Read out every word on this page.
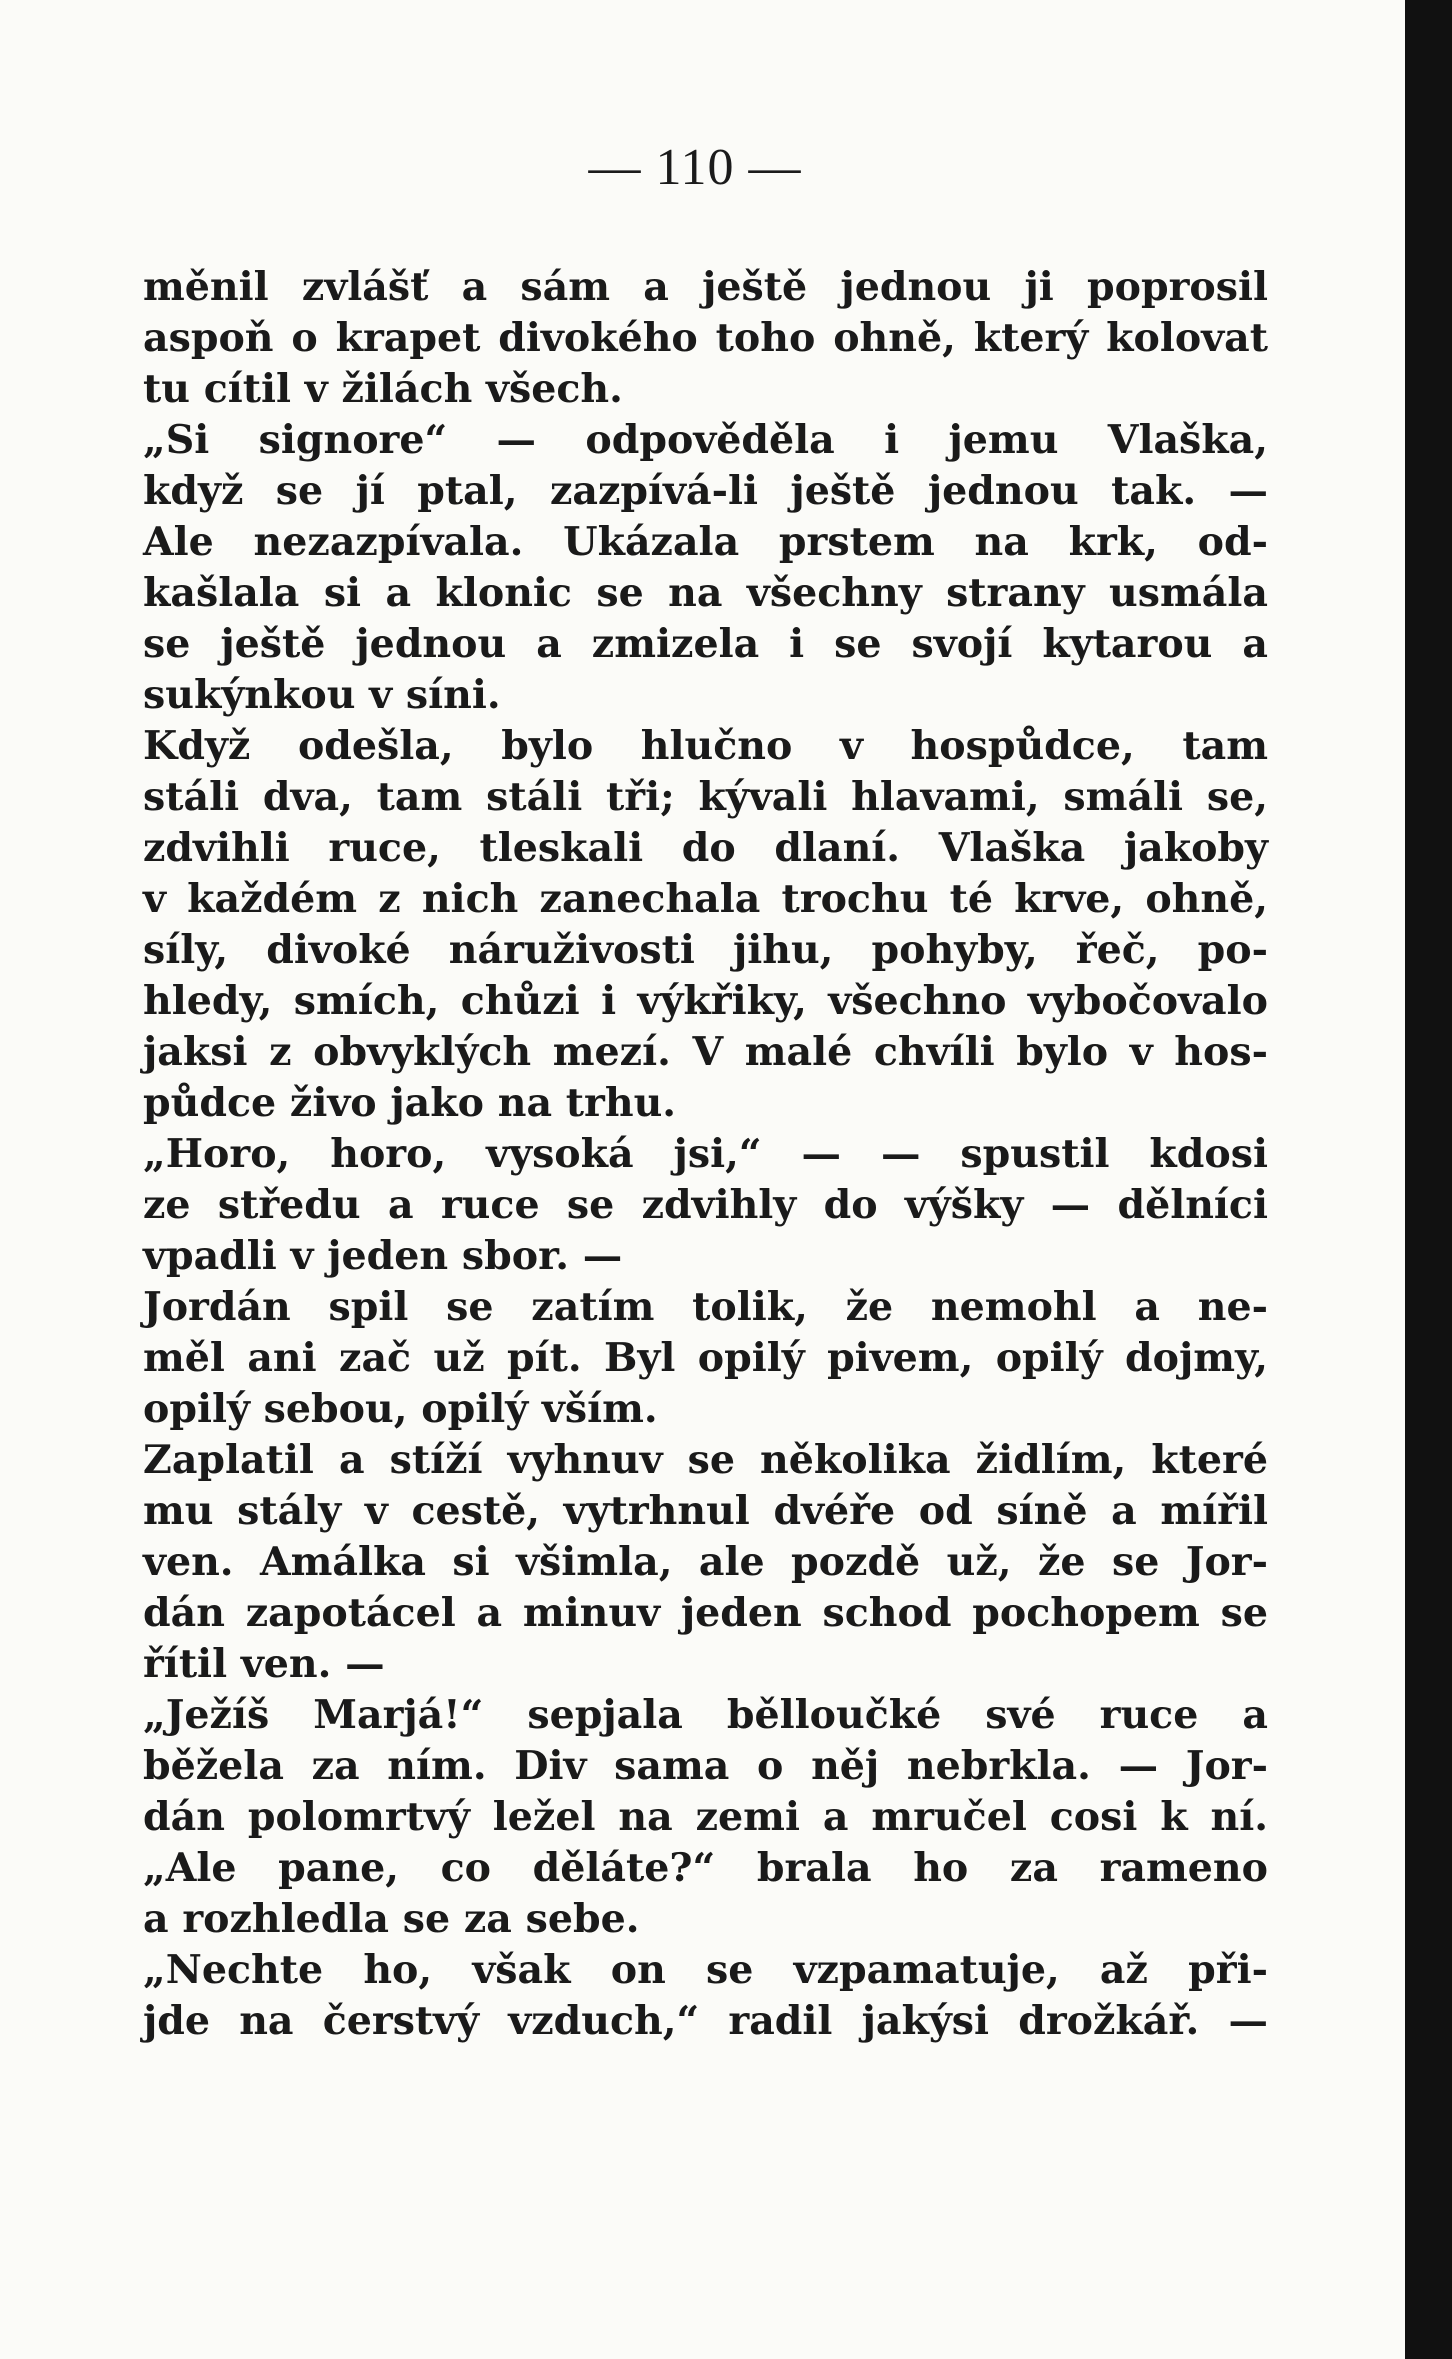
— 110 —
měnil zvlášť a sám a ještě jednou ji poprosil
aspoň o krapet divokého toho ohně, který kolovat
tu cítil v žilách všech.
„Si signore“ — odpověděla i jemu Vlaška,
když se jí ptal, zazpívá-li ještě jednou tak. —
Ale nezazpívala. Ukázala prstem na krk, od-
kašlala si a klonic se na všechny strany usmála
se ještě jednou a zmizela i se svojí kytarou a
sukýnkou v síni.
Když odešla, bylo hlučno v hospůdce, tam
stáli dva, tam stáli tři; kývali hlavami, smáli se,
zdvihli ruce, tleskali do dlaní. Vlaška jakoby
v každém z nich zanechala trochu té krve, ohně,
síly, divoké náruživosti jihu, pohyby, řeč, po-
hledy, smích, chůzi i výkřiky, všechno vybočovalo
jaksi z obvyklých mezí. V malé chvíli bylo v hos-
půdce živo jako na trhu.
„Horo, horo, vysoká jsi,“ — — spustil kdosi
ze středu a ruce se zdvihly do výšky — dělníci
vpadli v jeden sbor. —
Jordán spil se zatím tolik, že nemohl a ne-
měl ani zač už pít. Byl opilý pivem, opilý dojmy,
opilý sebou, opilý vším.
Zaplatil a stíží vyhnuv se několika židlím, které
mu stály v cestě, vytrhnul dvéře od síně a mířil
ven. Amálka si všimla, ale pozdě už, že se Jor-
dán zapotácel a minuv jeden schod pochopem se
řítil ven. —
„Ježíš Marjá!“ sepjala bělloučké své ruce a
běžela za ním. Div sama o něj nebrkla. — Jor-
dán polomrtvý ležel na zemi a mručel cosi k ní.
„Ale pane, co děláte?“ brala ho za rameno
a rozhledla se za sebe.
„Nechte ho, však on se vzpamatuje, až při-
jde na čerstvý vzduch,“ radil jakýsi drožkář. —
